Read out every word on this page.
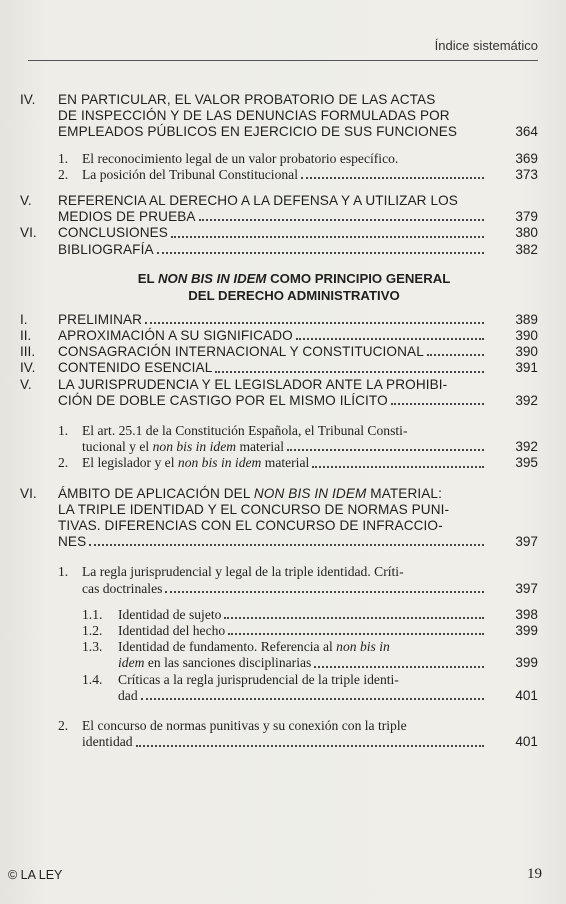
Índice sistemático
IV.	EN PARTICULAR, EL VALOR PROBATORIO DE LAS ACTAS
DE INSPECCIÓN Y DE LAS DENUNCIAS FORMULADAS POR
EMPLEADOS PÚBLICOS EN EJERCICIO DE SUS FUNCIONES	364
1.	El reconocimiento legal de un valor probatorio específico.	369
2.	La posición del Tribunal Constitucional	373
V.	REFERENCIA AL DERECHO A LA DEFENSA Y A UTILIZAR LOS
MEDIOS DE PRUEBA	379
VI.	CONCLUSIONES	380
BIBLIOGRAFÍA	382
EL NON BIS IN IDEM COMO PRINCIPIO GENERAL
DEL DERECHO ADMINISTRATIVO
I.	PRELIMINAR	389
II.	APROXIMACIÓN A SU SIGNIFICADO	390
III.	CONSAGRACIÓN INTERNACIONAL Y CONSTITUCIONAL	390
IV.	CONTENIDO ESENCIAL	391
V.	LA JURISPRUDENCIA Y EL LEGISLADOR ANTE LA PROHIBI-
CIÓN DE DOBLE CASTIGO POR EL MISMO ILÍCITO	392
1.	El art. 25.1 de la Constitución Española, el Tribunal Consti-
tucional y el non bis in idem material	392
2.	El legislador y el non bis in idem material	395
VI.	ÁMBITO DE APLICACIÓN DEL NON BIS IN IDEM MATERIAL:
LA TRIPLE IDENTIDAD Y EL CONCURSO DE NORMAS PUNI-
TIVAS. DIFERENCIAS CON EL CONCURSO DE INFRACCIO-
NES	397
1.	La regla jurisprudencial y legal de la triple identidad. Críti-
cas doctrinales	397
1.1.	Identidad de sujeto	398
1.2.	Identidad del hecho	399
1.3.	Identidad de fundamento. Referencia al non bis in
idem en las sanciones disciplinarias	399
1.4.	Críticas a la regla jurisprudencial de la triple identi-
dad	401
2.	El concurso de normas punitivas y su conexión con la triple
identidad	401
© LA LEY	19
